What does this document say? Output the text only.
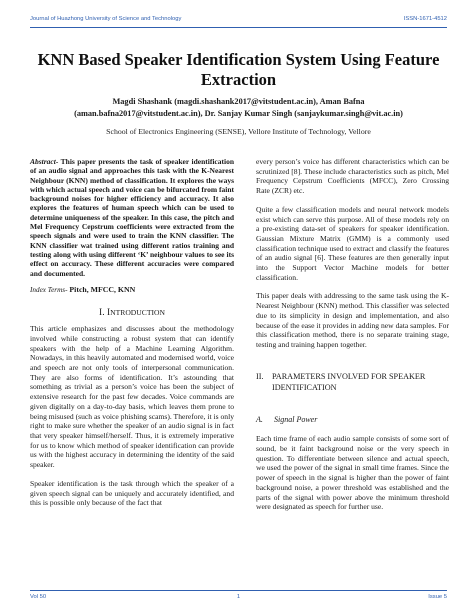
Journal of Huazhong University of Science and Technology	ISSN-1671-4512
KNN Based Speaker Identification System Using Feature Extraction
Magdi Shashank (magdi.shashank2017@vitstudent.ac.in), Aman Bafna
(aman.bafna2017@vitstudent.ac.in), Dr. Sanjay Kumar Singh (sanjaykumar.singh@vit.ac.in)
School of Electronics Engineering (SENSE), Vellore Institute of Technology, Vellore

Abstract- This paper presents the task of speaker identification of an audio signal and approaches this task with the K-Nearest Neighbour (KNN) method of classification. It explores the ways with which actual speech and voice can be bifurcated from faint background noises for higher efficiency and accuracy. It also explores the features of human speech which can be used to determine uniqueness of the speaker. In this case, the pitch and Mel Frequency Cepstrum coefficients were extracted from the speech signals and were used to train the KNN classifier. The KNN classifier wat trained using different ratios training and testing along with using different ‘K’ neighbour values to see its effect on accuracy. These different accuracies were compared and documented.

Index Terms- Pitch, MFCC, KNN
I. INTRODUCTION

This article emphasizes and discusses about the methodology involved while constructing a robust system that can identify speakers with the help of a Machine Learning Algorithm. Nowadays, in this heavily automated and modernised world, voice and speech are not only tools of interpersonal communication. They are also forms of identification. It’s astounding that something as trivial as a person’s voice has been the subject of extensive research for the past few decades. Voice commands are given digitally on a day-to-day basis, which leaves them prone to being misused (such as voice phishing scams). Therefore, it is only right to make sure whether the speaker of an audio signal is in fact that very speaker himself/herself. Thus, it is extremely imperative for us to know which method of speaker identification can provide us with the highest accuracy in determining the identity of the said speaker.

Speaker identification is the task through which the speaker of a given speech signal can be uniquely and accurately identified, and this is possible only because of the fact that

every person’s voice has different characteristics which can be scrutinized [8]. These include characteristics such as pitch, Mel Frequency Cepstrum Coefficients (MFCC), Zero Crossing Rate (ZCR) etc.

Quite a few classification models and neural network models exist which can serve this purpose. All of these models rely on a pre-existing data-set of speakers for speaker identification. Gaussian Mixture Matrix (GMM) is a commonly used classification technique used to extract and classify the features of an audio signal [6]. These features are then generally input into the Support Vector Machine models for better classification.

This paper deals with addressing to the same task using the K-Nearest Neighbour (KNN) method. This classifier was selected due to its simplicity in design and implementation, and also because of the ease it provides in adding new data samples. For this classification method, there is no separate training stage, testing and training happen together.

II. PARAMETERS INVOLVED FOR SPEAKER IDENTIFICATION
A. Signal Power

Each time frame of each audio sample consists of some sort of sound, be it faint background noise or the very speech in question. To differentiate between silence and actual speech, we used the power of the signal in small time frames. Since the power of speech in the signal is higher than the power of faint background noise, a power threshold was established and the parts of the signal with power above the minimum threshold were designated as speech for further use.

Vol 50	1	Issue 5
